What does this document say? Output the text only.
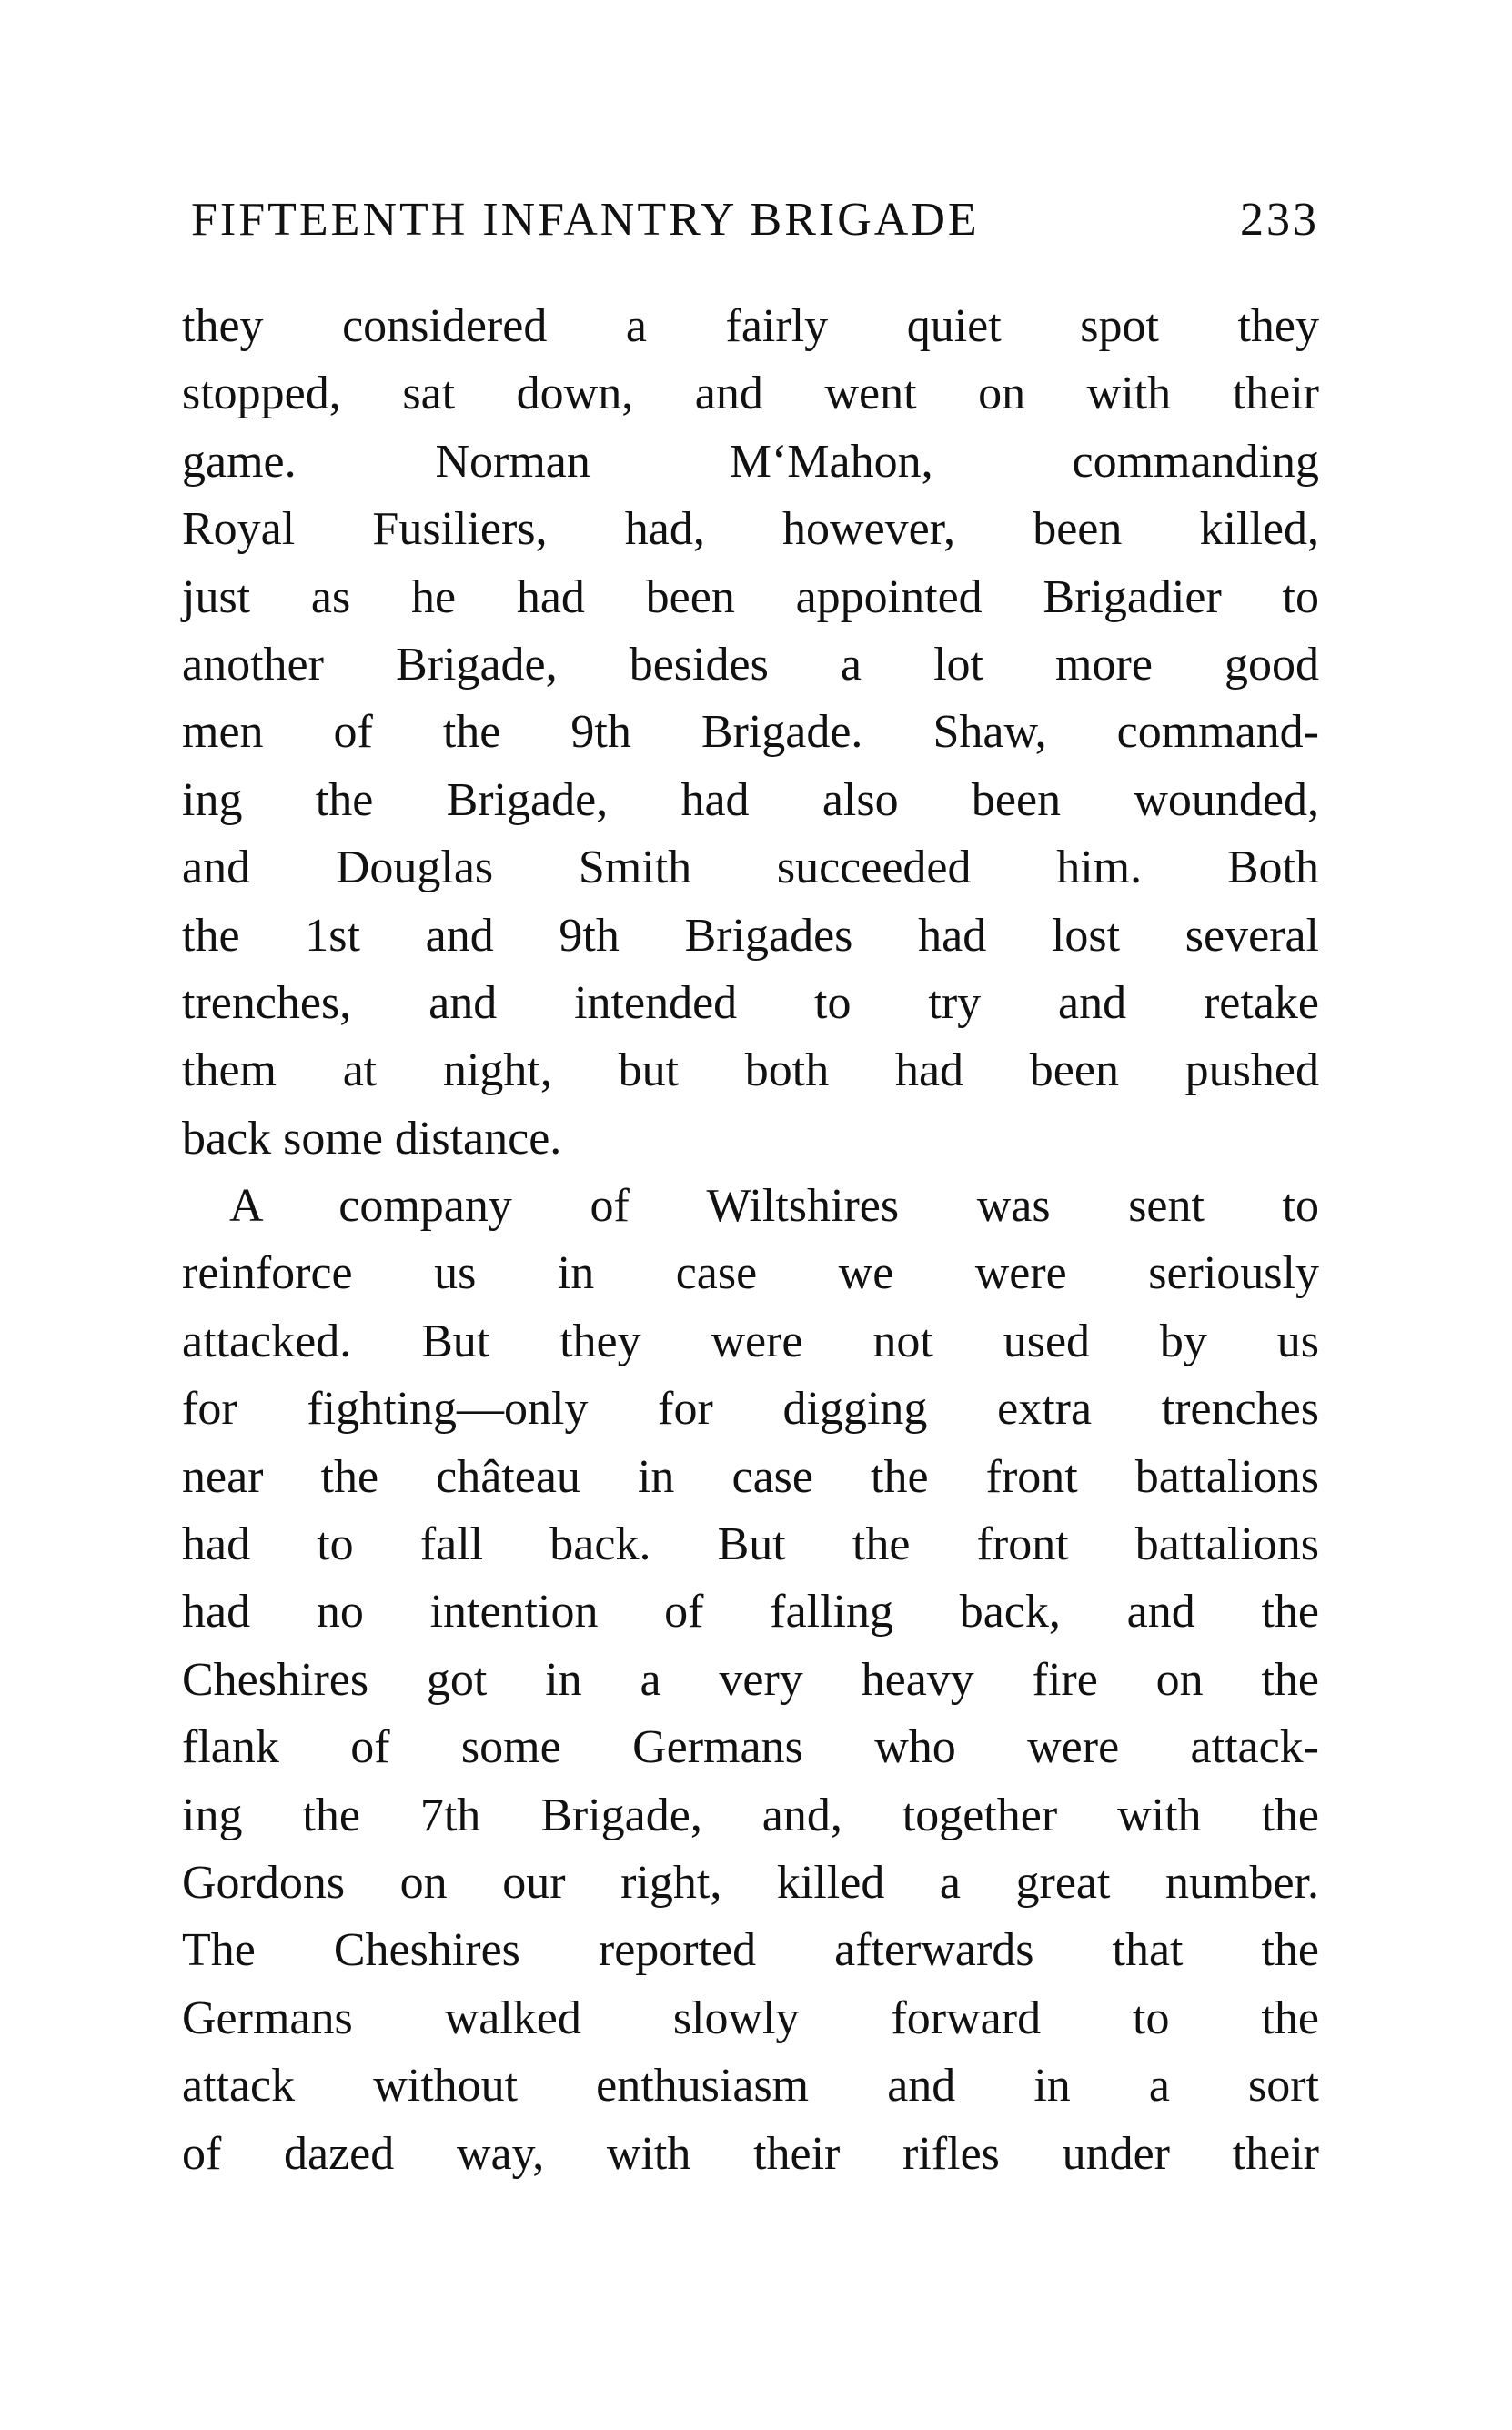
FIFTEENTH INFANTRY BRIGADE	233
they considered a fairly quiet spot they
stopped, sat down, and went on with their
game. Norman M‘Mahon, commanding
Royal Fusiliers, had, however, been killed,
just as he had been appointed Brigadier to
another Brigade, besides a lot more good
men of the 9th Brigade. Shaw, command-
ing the Brigade, had also been wounded,
and Douglas Smith succeeded him. Both
the 1st and 9th Brigades had lost several
trenches, and intended to try and retake
them at night, but both had been pushed
back some distance.
A company of Wiltshires was sent to
reinforce us in case we were seriously
attacked. But they were not used by us
for fighting—only for digging extra trenches
near the château in case the front battalions
had to fall back. But the front battalions
had no intention of falling back, and the
Cheshires got in a very heavy fire on the
flank of some Germans who were attack-
ing the 7th Brigade, and, together with the
Gordons on our right, killed a great number.
The Cheshires reported afterwards that the
Germans walked slowly forward to the
attack without enthusiasm and in a sort
of dazed way, with their rifles under their
